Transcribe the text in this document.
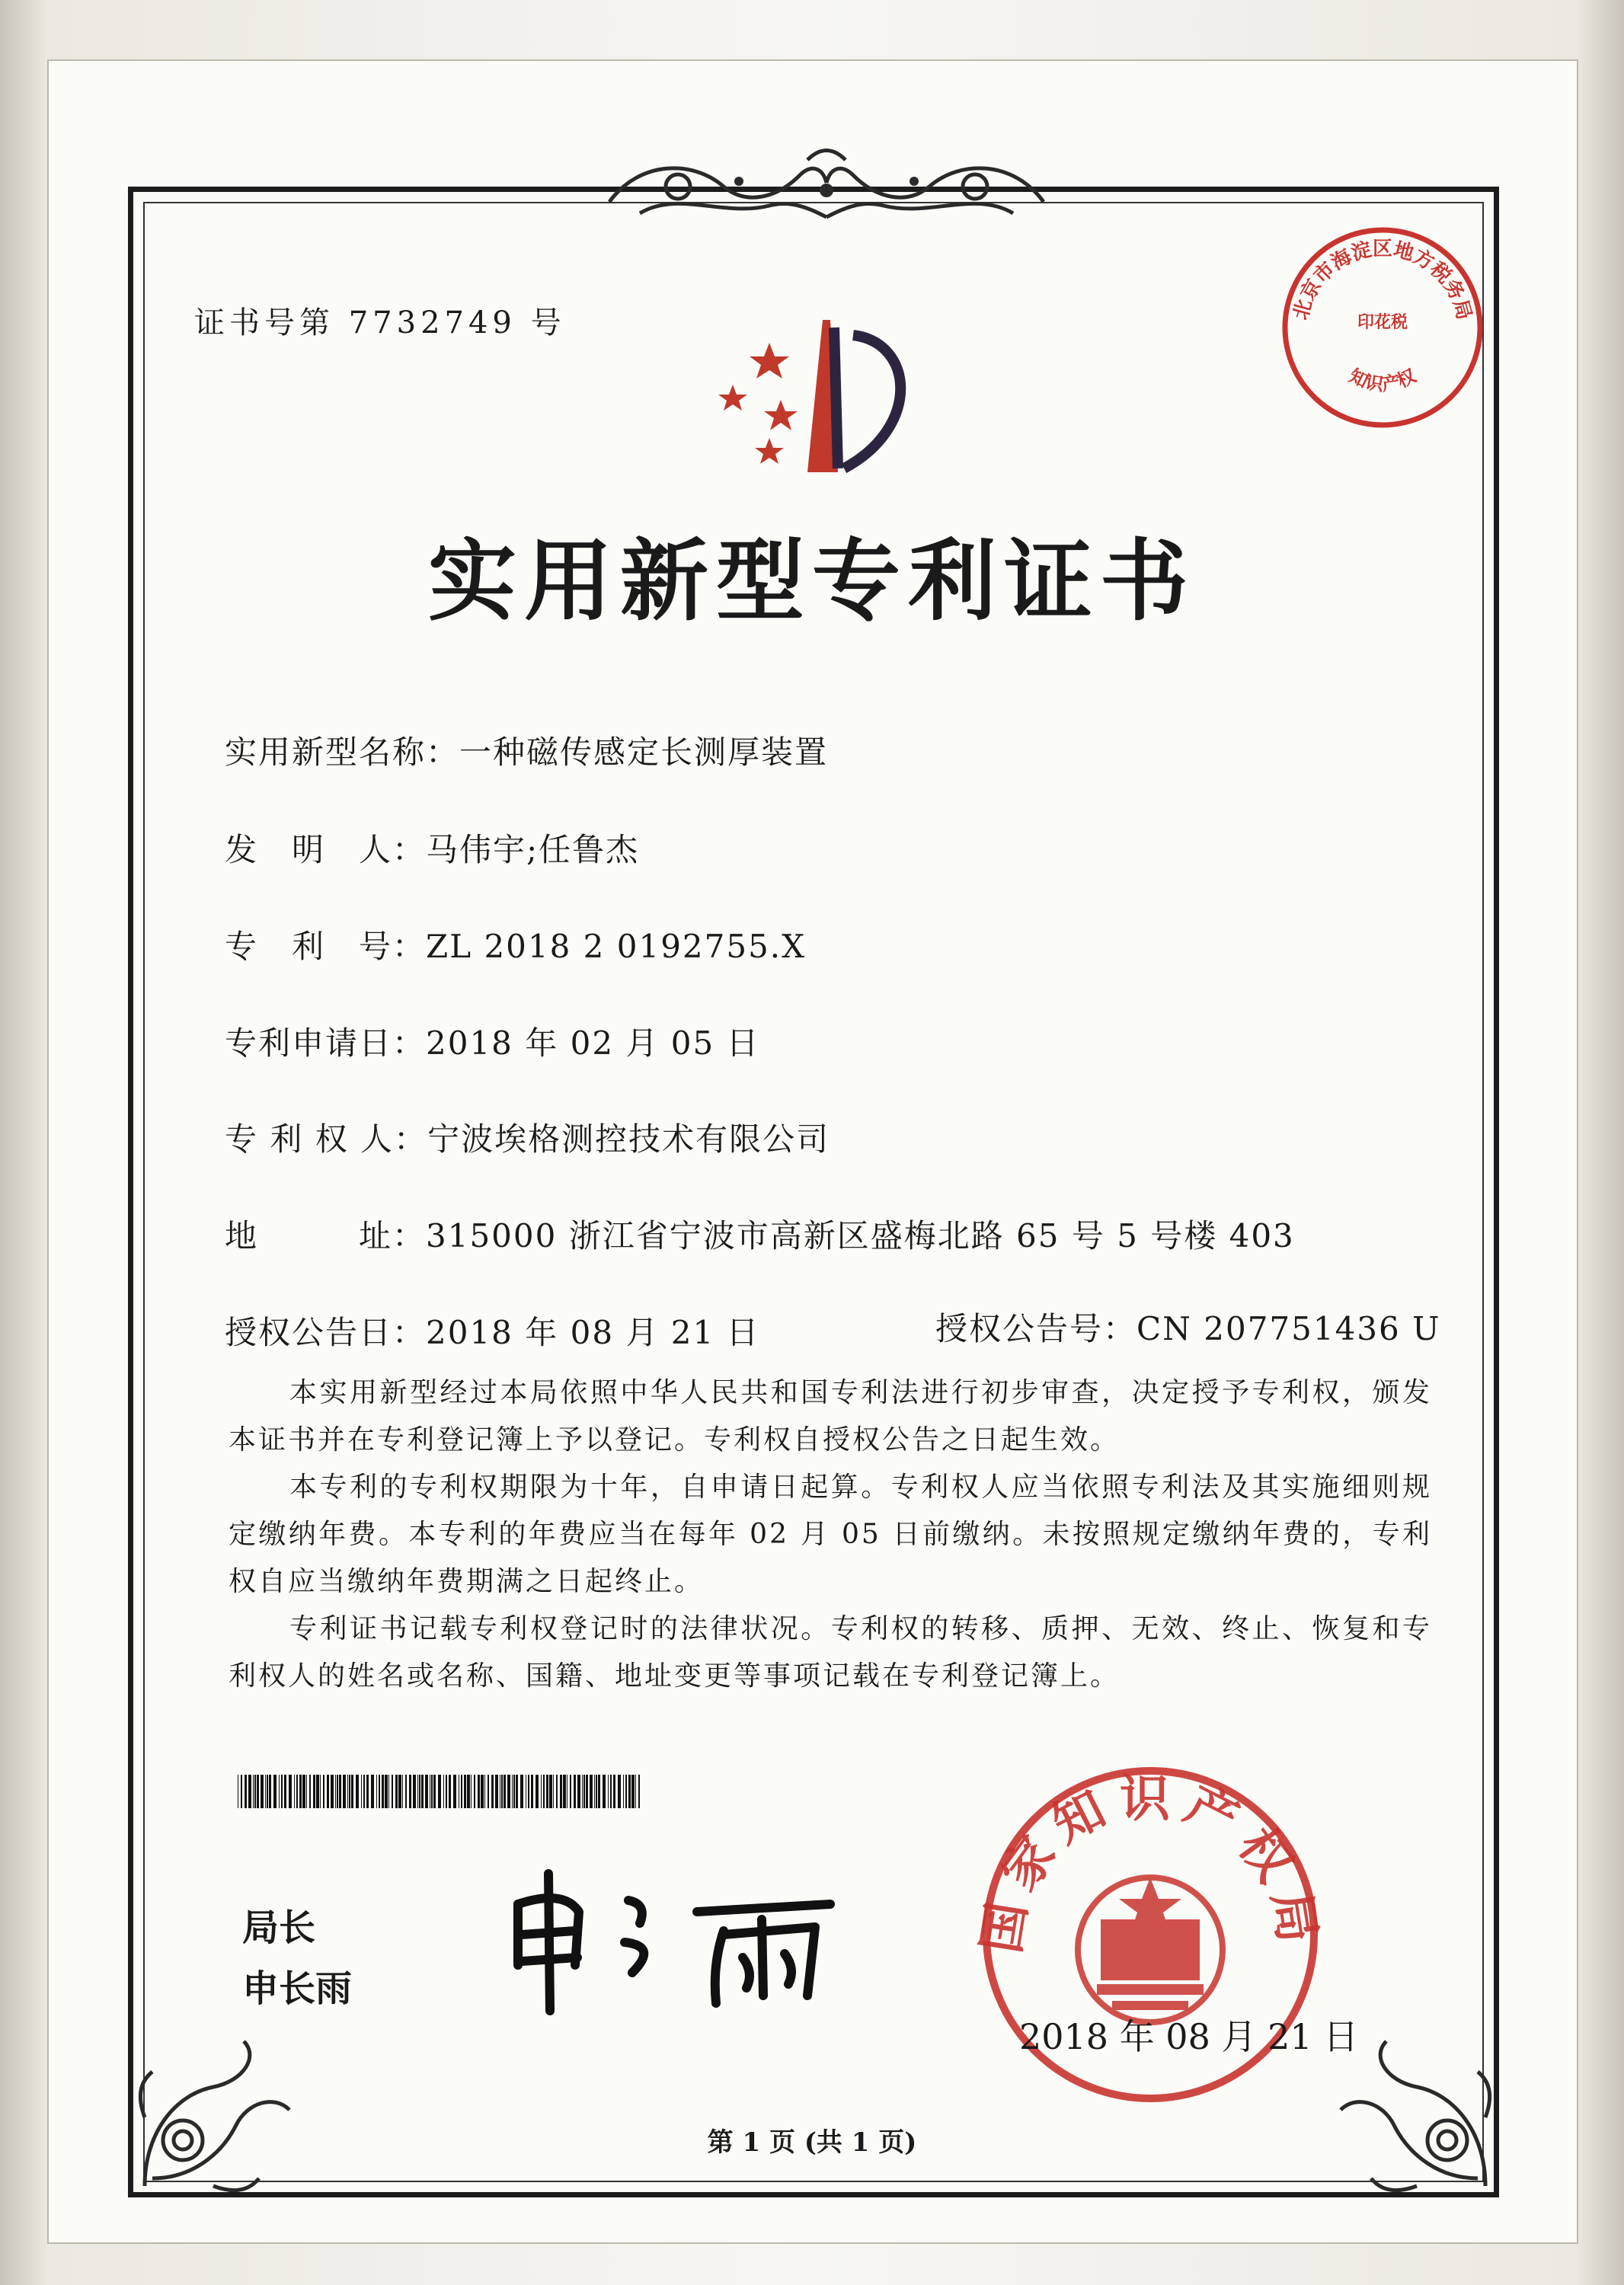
证书号第 7732749 号	北京市海淀区地方税务局
印花税
知识产权
实用新型专利证书
实用新型名称：一种磁传感定长测厚装置
发　明　人：马伟宇;任鲁杰
专　利　号：ZL 2018 2 0192755.X
专利申请日：2018 年 02 月 05 日
专 利 权 人：宁波埃格测控技术有限公司
地　　　址：315000 浙江省宁波市高新区盛梅北路 65 号 5 号楼 403
授权公告日：2018 年 08 月 21 日	授权公告号：CN 207751436 U
本实用新型经过本局依照中华人民共和国专利法进行初步审查，决定授予专利权，颁发本证书并在专利登记簿上予以登记。专利权自授权公告之日起生效。
本专利的专利权期限为十年，自申请日起算。专利权人应当依照专利法及其实施细则规定缴纳年费。本专利的年费应当在每年 02 月 05 日前缴纳。未按照规定缴纳年费的，专利权自应当缴纳年费期满之日起终止。
专利证书记载专利权登记时的法律状况。专利权的转移、质押、无效、终止、恢复和专利权人的姓名或名称、国籍、地址变更等事项记载在专利登记簿上。
局长
申长雨
国家知识产权局
2018 年 08 月 21 日
第 1 页 (共 1 页)
